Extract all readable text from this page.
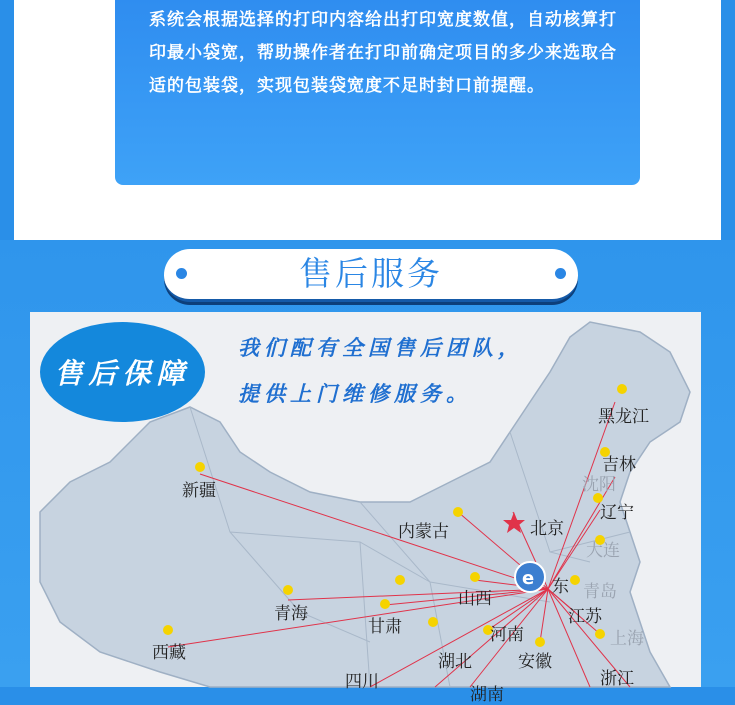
系统会根据选择的打印内容给出打印宽度数值，自动核算打印最小袋宽，帮助操作者在打印前确定项目的多少来选取合适的包装袋，实现包装袋宽度不足时封口前提醒。
售后服务
e
售后保障
我们配有全国售后团队，
提供上门维修服务。
新疆
西藏
青海
甘肃
四川
内蒙古
山西
河南
湖北
湖南
安徽
江苏
上海
浙江
青岛
大连
辽宁
沈阳
吉林
黑龙江
北京
东
